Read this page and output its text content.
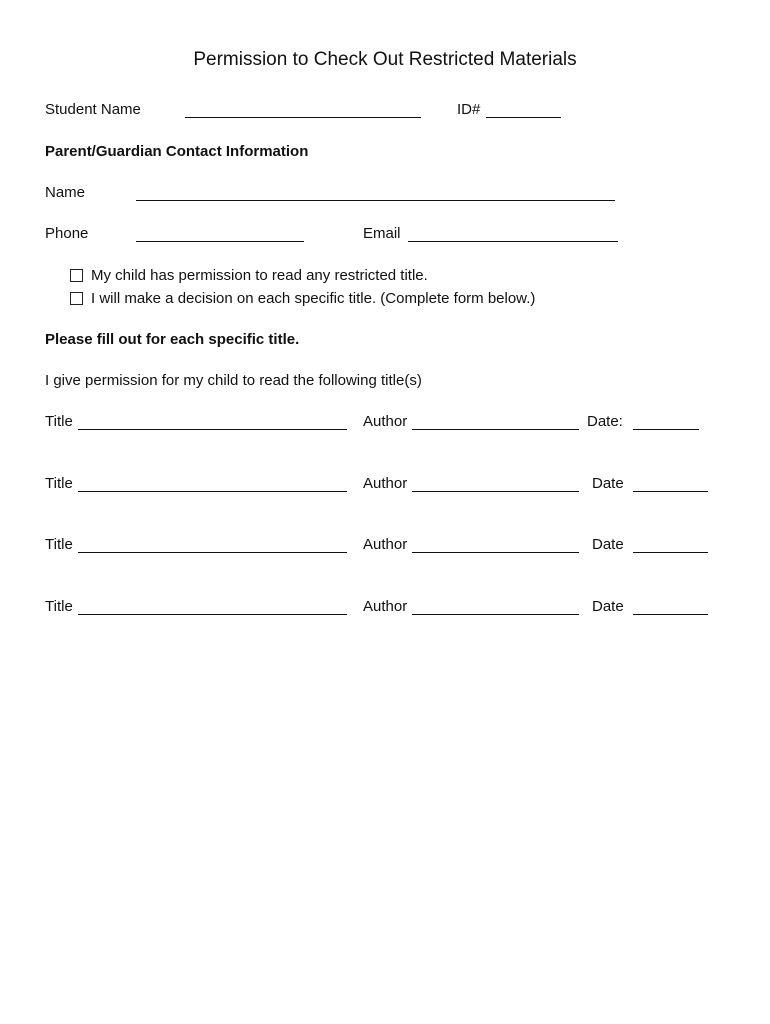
Permission to Check Out Restricted Materials
Student Name	ID#
Parent/Guardian Contact Information
Name
Phone	Email
My child has permission to read any restricted title.
I will make a decision on each specific title. (Complete form below.)
Please fill out for each specific title.
I give permission for my child to read the following title(s)
Title	Author	Date:
Title	Author	Date
Title	Author	Date
Title	Author	Date
